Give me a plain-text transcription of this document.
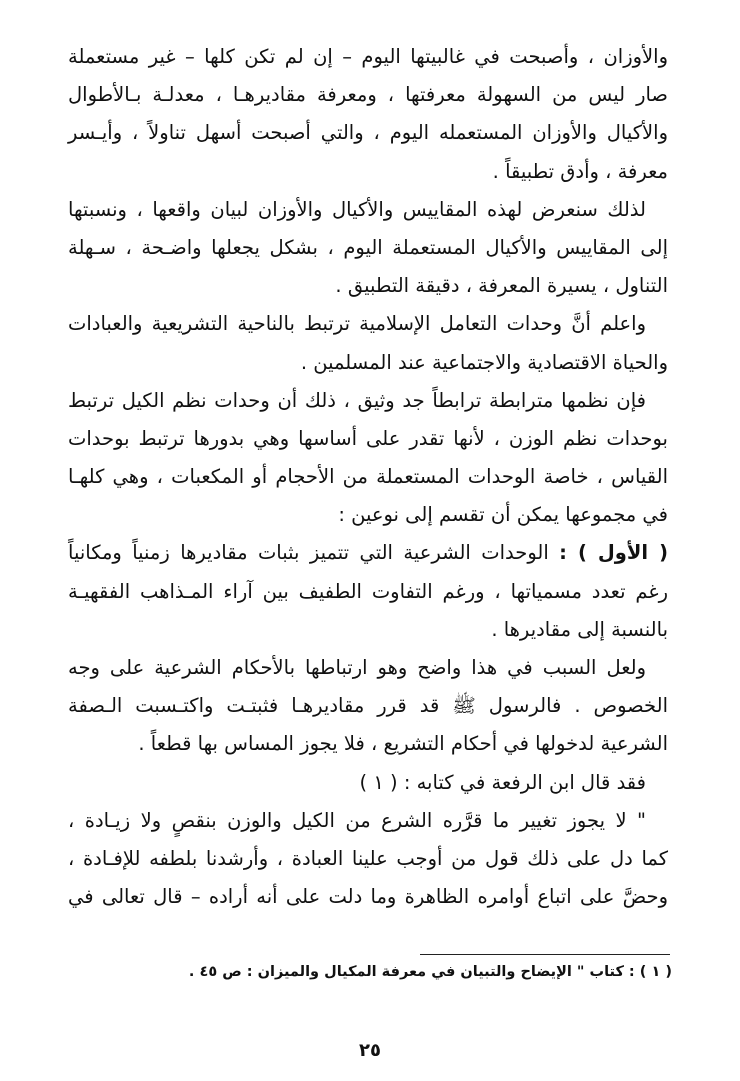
والأوزان ، وأصبحت في غالبيتها اليوم – إن لم تكن كلها – غير مستعملة
صار ليس من السهولة معرفتها ، ومعرفة مقاديرهـا ، معدلـة بـالأطوال
والأكيال والأوزان المستعمله اليوم ، والتي أصبحت أسهل تناولاً ، وأيـسر
معرفة ، وأدق تطبيقاً .
لذلك سنعرض لهذه المقاييس والأكيال والأوزان لبيان واقعها ، ونسبتها
إلى المقاييس والأكيال المستعملة اليوم ، بشكل يجعلها واضـحة ، سـهلة
التناول ، يسيرة المعرفة ، دقيقة التطبيق .
واعلم أنَّ وحدات التعامل الإسلامية ترتبط بالناحية التشريعية والعبادات
والحياة الاقتصادية والاجتماعية عند المسلمين .
فإن نظمها مترابطة ترابطاً جد وثيق ، ذلك أن وحدات نظم الكيل ترتبط
بوحدات نظم الوزن ، لأنها تقدر على أساسها وهي بدورها ترتبط بوحدات
القياس ، خاصة الوحدات المستعملة من الأحجام أو المكعبات ، وهي كلهـا
في مجموعها يمكن أن تقسم إلى نوعين :
( الأول ) : الوحدات الشرعية التي تتميز بثبات مقاديرها زمنياً ومكانياً
رغم تعدد مسمياتها ، ورغم التفاوت الطفيف بين آراء المـذاهب الفقهيـة
بالنسبة إلى مقاديرها .
ولعل السبب في هذا واضح وهو ارتباطها بالأحكام الشرعية على وجه
الخصوص . فالرسول ﷺ قد قرر مقاديرهـا فثبتـت واكتـسبت الـصفة
الشرعية لدخولها في أحكام التشريع ، فلا يجوز المساس بها قطعاً .
فقد قال ابن الرفعة في كتابه : ( ١ )
" لا يجوز تغيير ما قرَّره الشرع من الكيل والوزن بنقصٍ ولا زيـادة ،
كما دل على ذلك قول من أوجب علينا العبادة ، وأرشدنا بلطفه للإفـادة ،
وحضَّ على اتباع أوامره الظاهرة وما دلت على أنه أراده – قال تعالى في
( ١ ) : كتاب " الإيضاح والتبيان في معرفة المكيال والميزان : ص ٤٥ .
٢٥
